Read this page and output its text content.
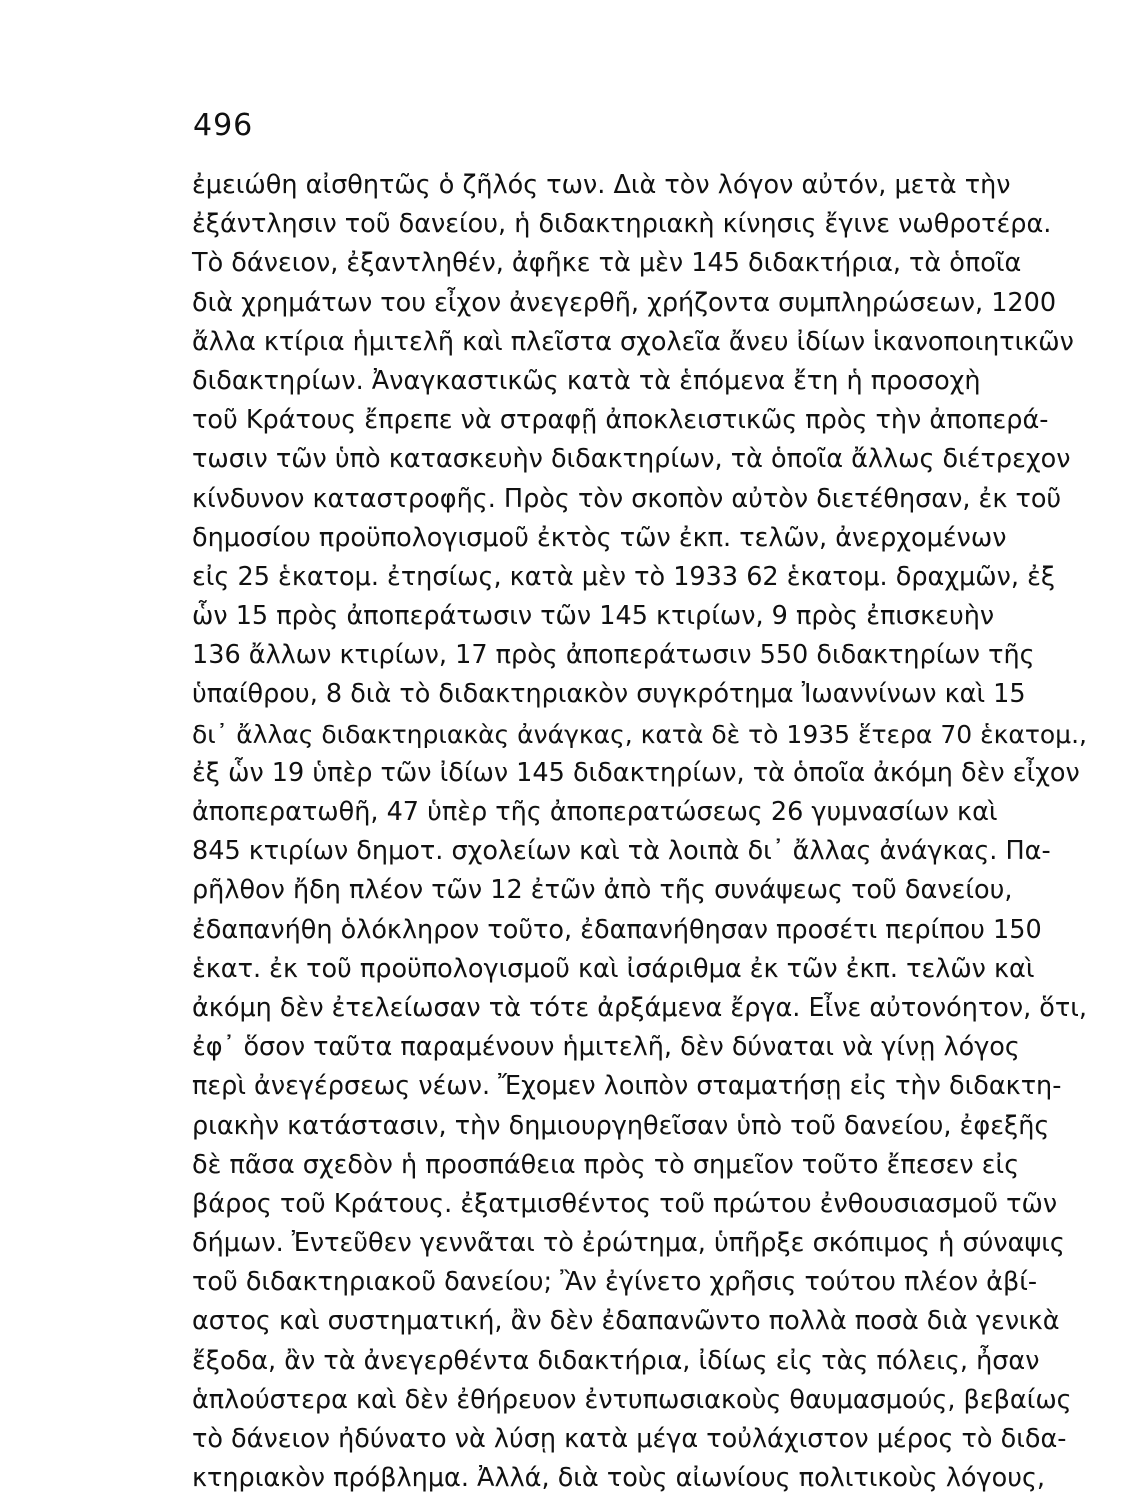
496
ἐμειώθη αἰσθητῶς ὁ ζῆλός των. Διὰ τὸν λόγον αὐτόν, μετὰ τὴν
ἐξάντλησιν τοῦ δανείου, ἡ διδακτηριακὴ κίνησις ἔγινε νωθροτέρα.
Τὸ δάνειον, ἐξαντληθέν, ἀφῆκε τὰ μὲν 145 διδακτήρια, τὰ ὁποῖα
διὰ χρημάτων του εἶχον ἀνεγερθῆ, χρήζοντα συμπληρώσεων, 1200
ἄλλα κτίρια ἡμιτελῆ καὶ πλεῖστα σχολεῖα ἄνευ ἰδίων ἱκανοποιητικῶν
διδακτηρίων. Ἀναγκαστικῶς κατὰ τὰ ἑπόμενα ἔτη ἡ προσοχὴ
τοῦ Κράτους ἔπρεπε νὰ στραφῇ ἀποκλειστικῶς πρὸς τὴν ἀποπερά-
τωσιν τῶν ὑπὸ κατασκευὴν διδακτηρίων, τὰ ὁποῖα ἄλλως διέτρεχον
κίνδυνον καταστροφῆς. Πρὸς τὸν σκοπὸν αὐτὸν διετέθησαν, ἐκ τοῦ
δημοσίου προϋπολογισμοῦ ἐκτὸς τῶν ἐκπ. τελῶν, ἀνερχομένων
εἰς 25 ἑκατομ. ἐτησίως, κατὰ μὲν τὸ 1933 62 ἑκατομ. δραχμῶν, ἐξ
ὧν 15 πρὸς ἀποπεράτωσιν τῶν 145 κτιρίων, 9 πρὸς ἐπισκευὴν
136 ἄλλων κτιρίων, 17 πρὸς ἀποπεράτωσιν 550 διδακτηρίων τῆς
ὑπαίθρου, 8 διὰ τὸ διδακτηριακὸν συγκρότημα Ἰωαννίνων καὶ 15
δι᾽ ἄλλας διδακτηριακὰς ἀνάγκας, κατὰ δὲ τὸ 1935 ἕτερα 70 ἑκατομ.,
ἐξ ὧν 19 ὑπὲρ τῶν ἰδίων 145 διδακτηρίων, τὰ ὁποῖα ἀκόμη δὲν εἶχον
ἀποπερατωθῆ, 47 ὑπὲρ τῆς ἀποπερατώσεως 26 γυμνασίων καὶ
845 κτιρίων δημοτ. σχολείων καὶ τὰ λοιπὰ δι᾽ ἄλλας ἀνάγκας. Πα-
ρῆλθον ἤδη πλέον τῶν 12 ἐτῶν ἀπὸ τῆς συνάψεως τοῦ δανείου,
ἐδαπανήθη ὁλόκληρον τοῦτο, ἐδαπανήθησαν προσέτι περίπου 150
ἑκατ. ἐκ τοῦ προϋπολογισμοῦ καὶ ἰσάριθμα ἐκ τῶν ἐκπ. τελῶν καὶ
ἀκόμη δὲν ἐτελείωσαν τὰ τότε ἀρξάμενα ἔργα. Εἶνε αὐτονόητον, ὅτι,
ἐφ᾽ ὅσον ταῦτα παραμένουν ἡμιτελῆ, δὲν δύναται νὰ γίνῃ λόγος
περὶ ἀνεγέρσεως νέων. Ἔχομεν λοιπὸν σταματήσῃ εἰς τὴν διδακτη-
ριακὴν κατάστασιν, τὴν δημιουργηθεῖσαν ὑπὸ τοῦ δανείου, ἐφεξῆς
δὲ πᾶσα σχεδὸν ἡ προσπάθεια πρὸς τὸ σημεῖον τοῦτο ἔπεσεν εἰς
βάρος τοῦ Κράτους. ἐξατμισθέντος τοῦ πρώτου ἐνθουσιασμοῦ τῶν
δήμων. Ἐντεῦθεν γεννᾶται τὸ ἐρώτημα, ὑπῆρξε σκόπιμος ἡ σύναψις
τοῦ διδακτηριακοῦ δανείου; Ἂν ἐγίνετο χρῆσις τούτου πλέον ἀβί-
αστος καὶ συστηματική, ἂν δὲν ἐδαπανῶντο πολλὰ ποσὰ διὰ γενικὰ
ἔξοδα, ἂν τὰ ἀνεγερθέντα διδακτήρια, ἰδίως εἰς τὰς πόλεις, ἦσαν
ἁπλούστερα καὶ δὲν ἐθήρευον ἐντυπωσιακοὺς θαυμασμούς, βεβαίως
τὸ δάνειον ἠδύνατο νὰ λύσῃ κατὰ μέγα τοὐλάχιστον μέρος τὸ διδα-
κτηριακὸν πρόβλημα. Ἀλλά, διὰ τοὺς αἰωνίους πολιτικοὺς λόγους,
